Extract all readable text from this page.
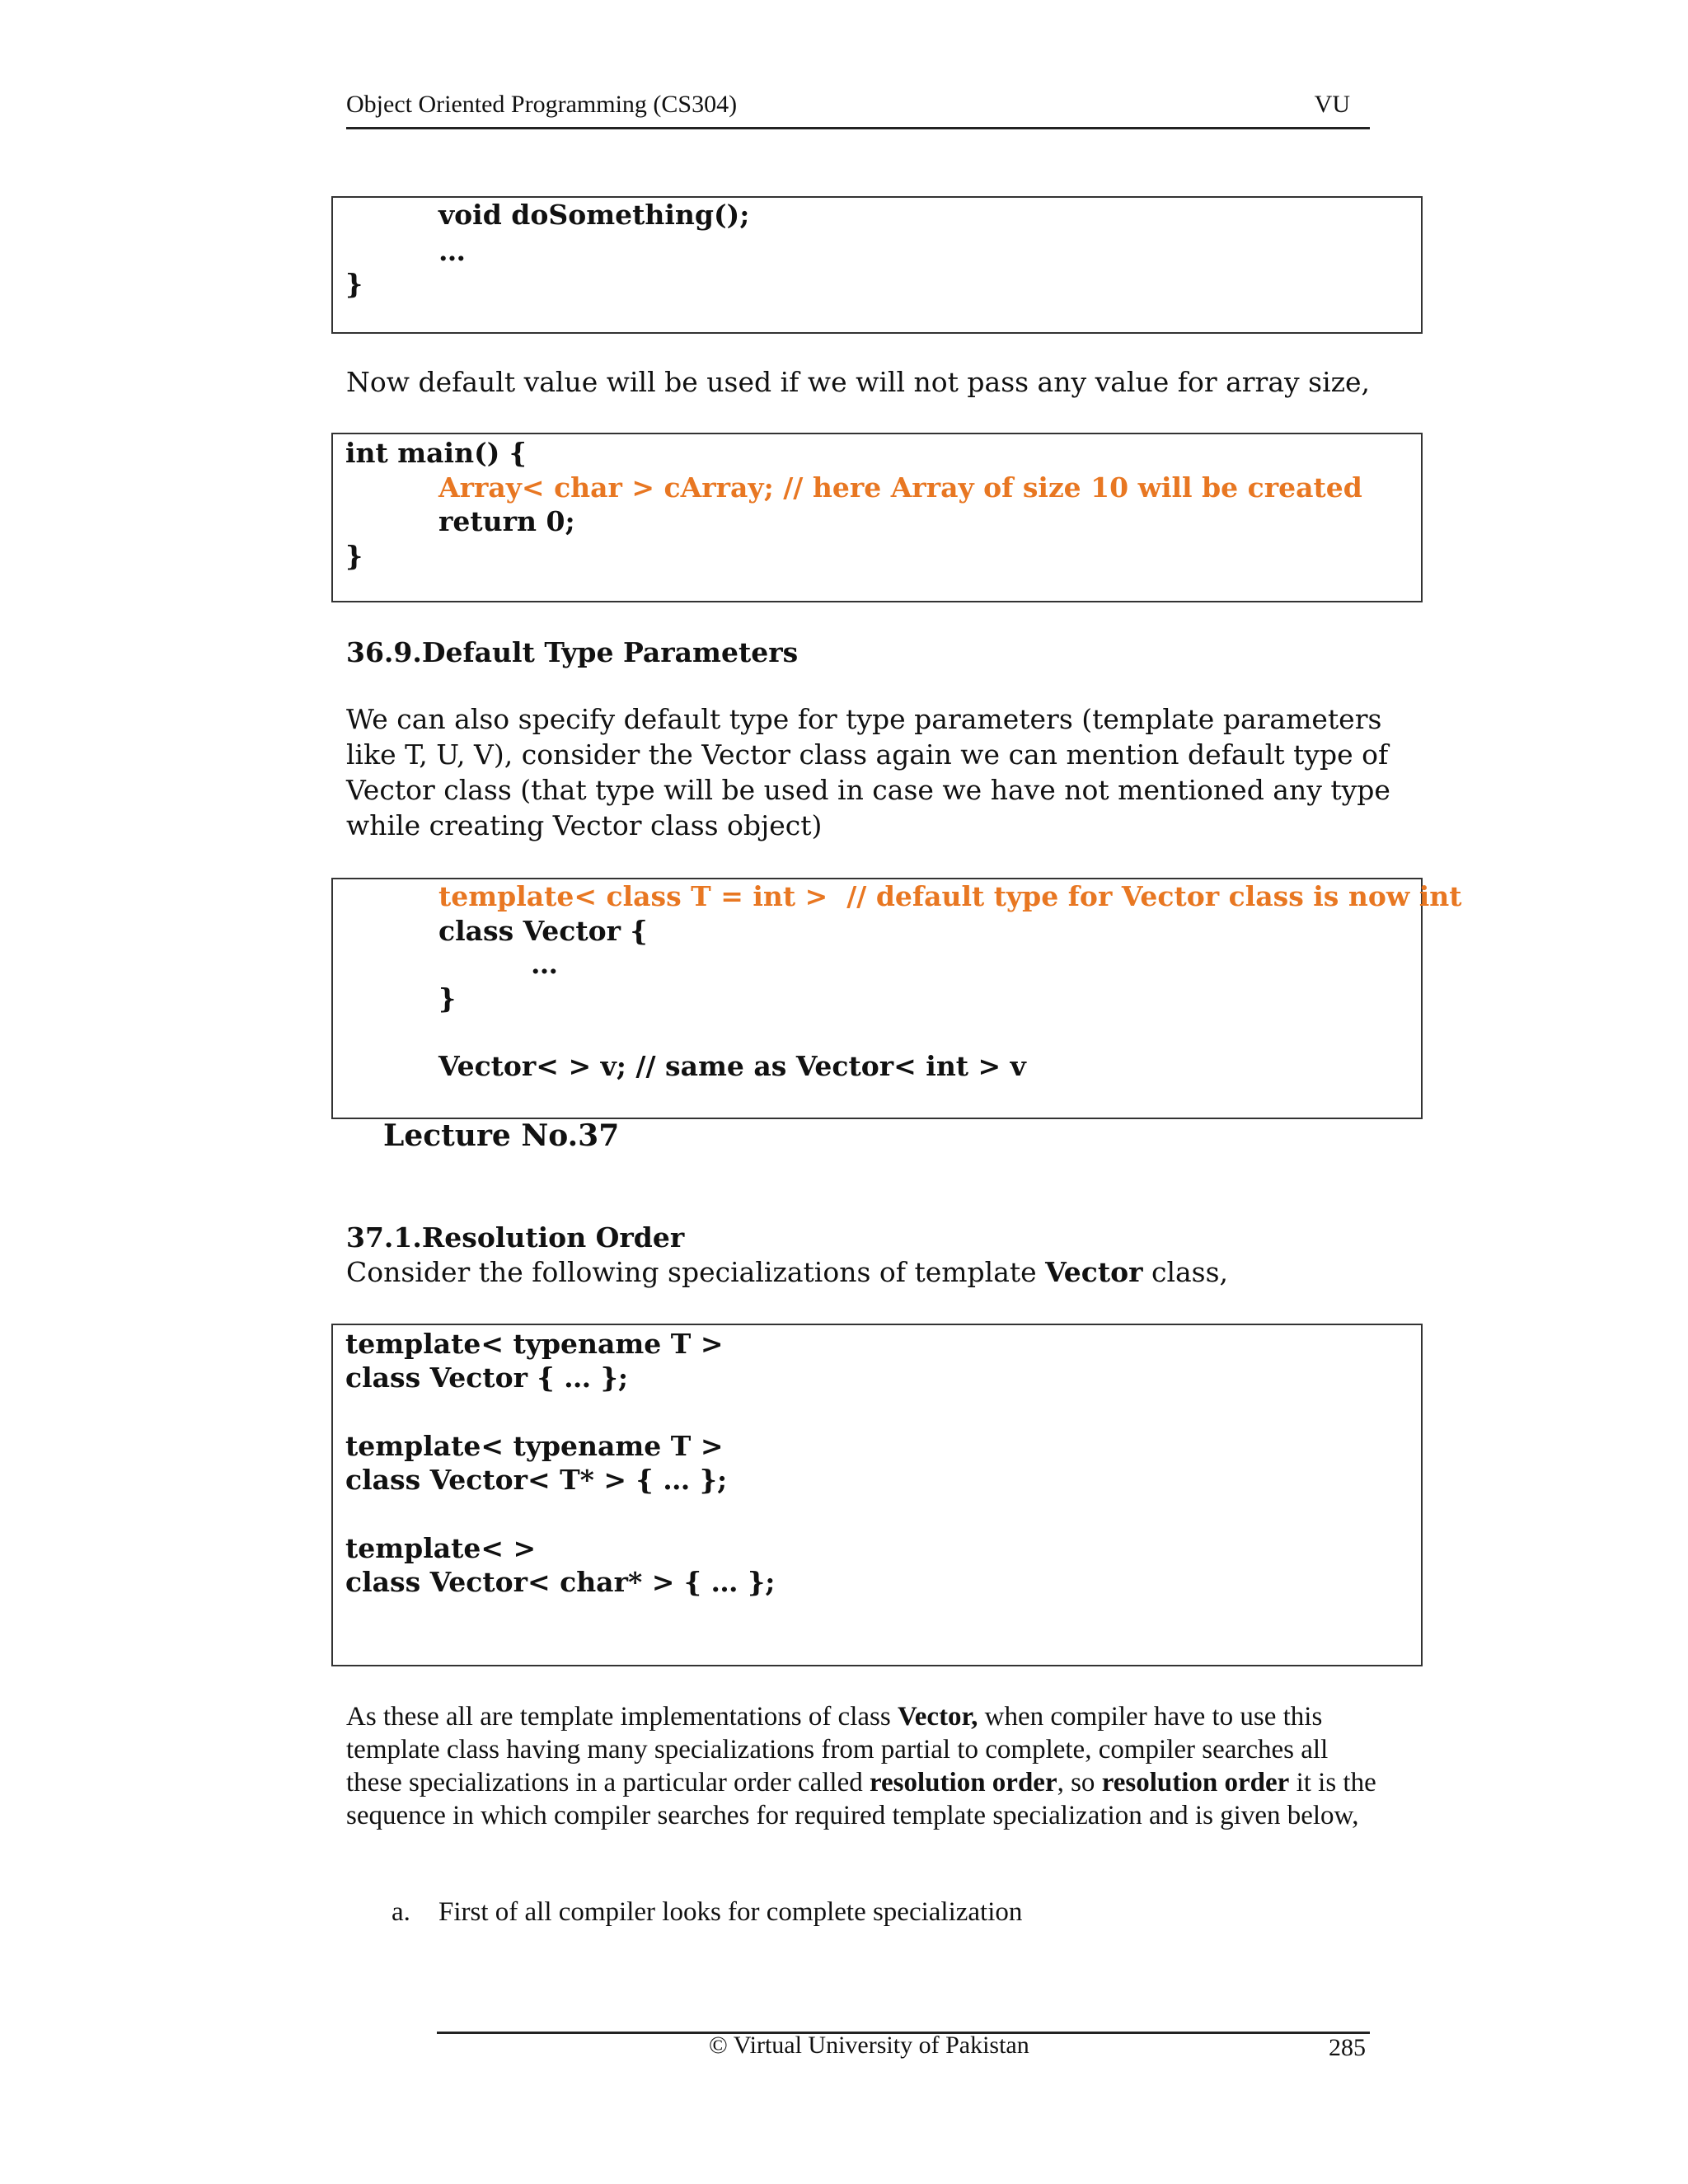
Object Oriented Programming (CS304)	VU
void doSomething();
…
}
Now default value will be used if we will not pass any value for array size,
int main() {
Array< char > cArray; // here Array of size 10 will be created
return 0;
}
36.9.Default Type Parameters
We can also specify default type for type parameters (template parameters like T, U, V), consider the Vector class again we can mention default type of Vector class (that type will be used in case we have not mentioned any type while creating Vector class object)
template< class T = int >  // default type for Vector class is now int
class Vector {
…
}
Vector< > v; // same as Vector< int > v
Lecture No.37
37.1.Resolution Order
Consider the following specializations of template Vector class,
template< typename T >
class Vector { … };
template< typename T >
class Vector< T* > { … };
template< >
class Vector< char* > { … };
As these all are template implementations of class Vector, when compiler have to use this template class having many specializations from partial to complete, compiler searches all these specializations in a particular order called resolution order, so resolution order it is the sequence in which compiler searches for required template specialization and is given below,
a. First of all compiler looks for complete specialization
© Virtual University of Pakistan	285
